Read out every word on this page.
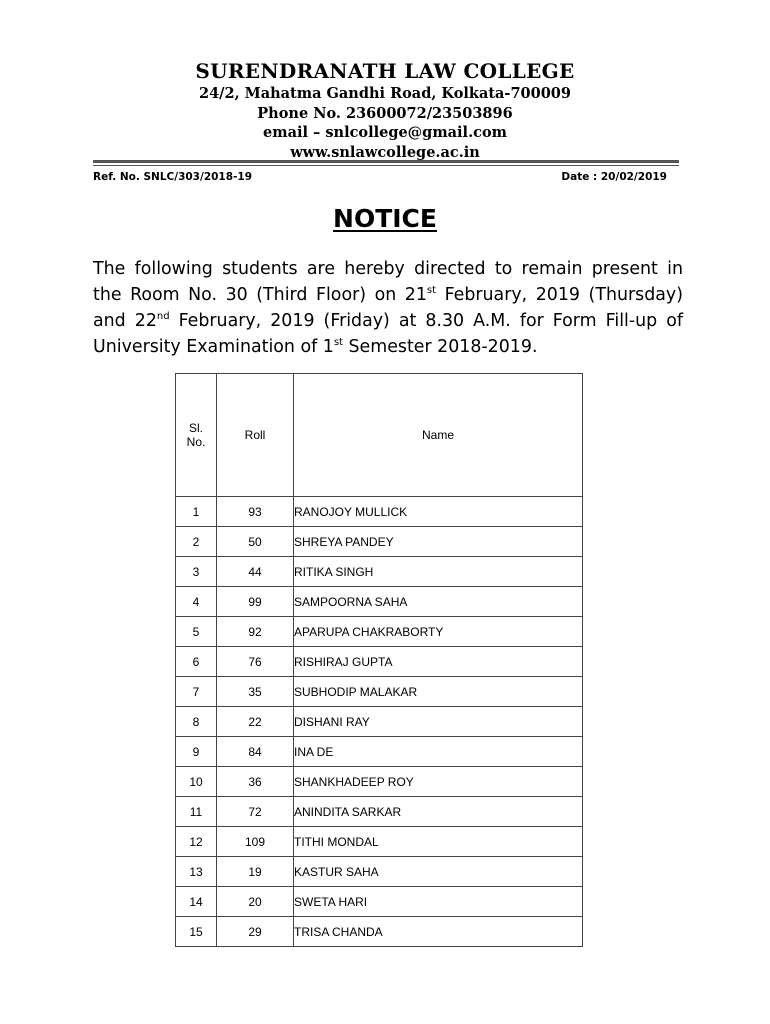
SURENDRANATH LAW COLLEGE
24/2, Mahatma Gandhi Road, Kolkata-700009
Phone No. 23600072/23503896
email – snlcollege@gmail.com
www.snlawcollege.ac.in
Ref. No. SNLC/303/2018-19	Date : 20/02/2019
NOTICE
The following students are hereby directed to remain present in the Room No. 30 (Third Floor) on 21st February, 2019 (Thursday) and 22nd February, 2019 (Friday) at 8.30 A.M. for Form Fill-up of University Examination of 1st Semester 2018-2019.
Sl. No.	Roll	Name
1	93	RANOJOY MULLICK
2	50	SHREYA PANDEY
3	44	RITIKA SINGH
4	99	SAMPOORNA SAHA
5	92	APARUPA CHAKRABORTY
6	76	RISHIRAJ GUPTA
7	35	SUBHODIP MALAKAR
8	22	DISHANI RAY
9	84	INA DE
10	36	SHANKHADEEP ROY
11	72	ANINDITA SARKAR
12	109	TITHI MONDAL
13	19	KASTUR SAHA
14	20	SWETA HARI
15	29	TRISA CHANDA
